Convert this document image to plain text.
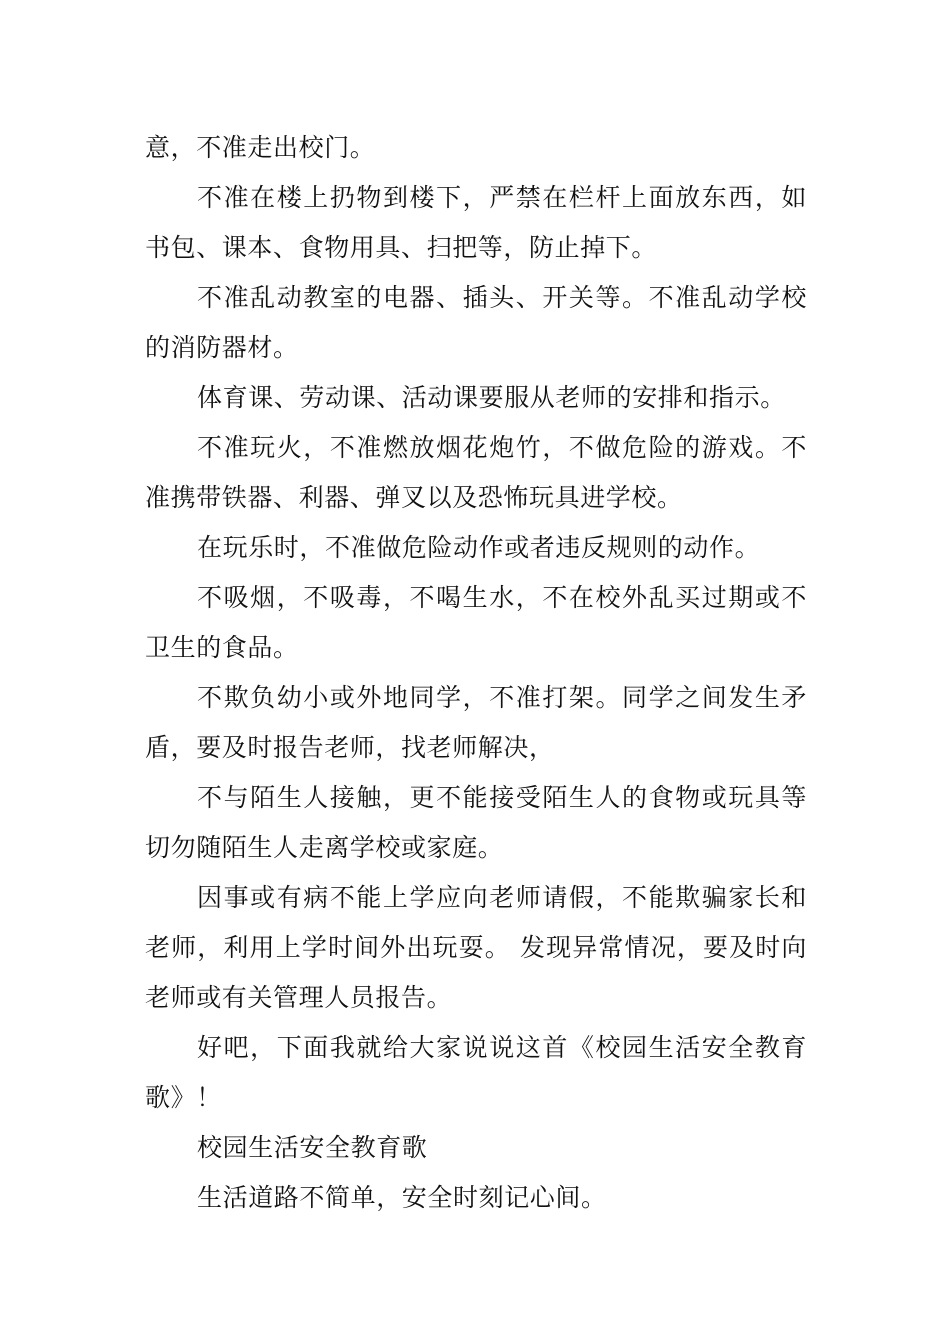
意，不准走出校门。

不准在楼上扔物到楼下，严禁在栏杆上面放东西，如书包、课本、食物用具、扫把等，防止掉下。

不准乱动教室的电器、插头、开关等。不准乱动学校的消防器材。

体育课、劳动课、活动课要服从老师的安排和指示。

不准玩火，不准燃放烟花炮竹，不做危险的游戏。不准携带铁器、利器、弹叉以及恐怖玩具进学校。

在玩乐时，不准做危险动作或者违反规则的动作。

不吸烟，不吸毒，不喝生水，不在校外乱买过期或不卫生的食品。

不欺负幼小或外地同学，不准打架。同学之间发生矛盾，要及时报告老师，找老师解决，

不与陌生人接触，更不能接受陌生人的食物或玩具等切勿随陌生人走离学校或家庭。

因事或有病不能上学应向老师请假，不能欺骗家长和老师，利用上学时间外出玩耍。 发现异常情况，要及时向老师或有关管理人员报告。

好吧，下面我就给大家说说这首《校园生活安全教育歌》！

校园生活安全教育歌

生活道路不简单，安全时刻记心间。
